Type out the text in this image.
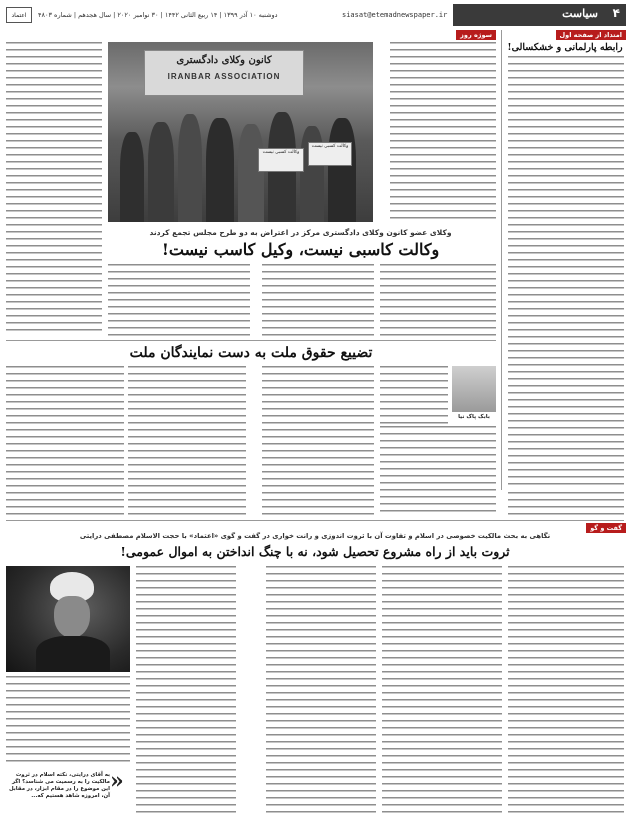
اعتماد	دوشنبه ۱۰ آذر ۱۳۹۹ | ۱۴ ربیع الثانی ۱۴۴۲ | ۳۰ نوامبر ۲۰۲۰ | سال هجدهم | شماره ۴۸۰۳	siasat@etemadnewspaper.ir	سیاست ۴
امتداد از صفحه اول
رابطه پارلمانی و خشکسالی!
سوژه روز
کانون وکلای دادگستری
IRANBAR ASSOCIATION
وکالت کسبی نیست
وکالت کسبی نیست
وکلای عضو کانون وکلای دادگستری مرکز در اعتراض به دو طرح مجلس تجمع کردند
وکالت کاسبی نیست، وکیل کاسب نیست!
تضییع حقوق ملت به دست نمایندگان ملت
بابک پاک نیا
گفت و گو
نگاهی به بحث مالکیت خصوصی در اسلام و تفاوت آن با ثروت اندوزی و رانت خواری در گفت و گوی «اعتماد» با حجت الاسلام مصطفی درایتی
ثروت باید از راه مشروع تحصیل شود، نه با چنگ انداختن به اموال عمومی!
«
به آقای درایتی، نکته اسلام در ثروت مالکیت را به رسمیت می شناسد؟ اگر این موضوع را در مقام ابزار، در مقابل آن، امروزه شاهد هستیم که...
